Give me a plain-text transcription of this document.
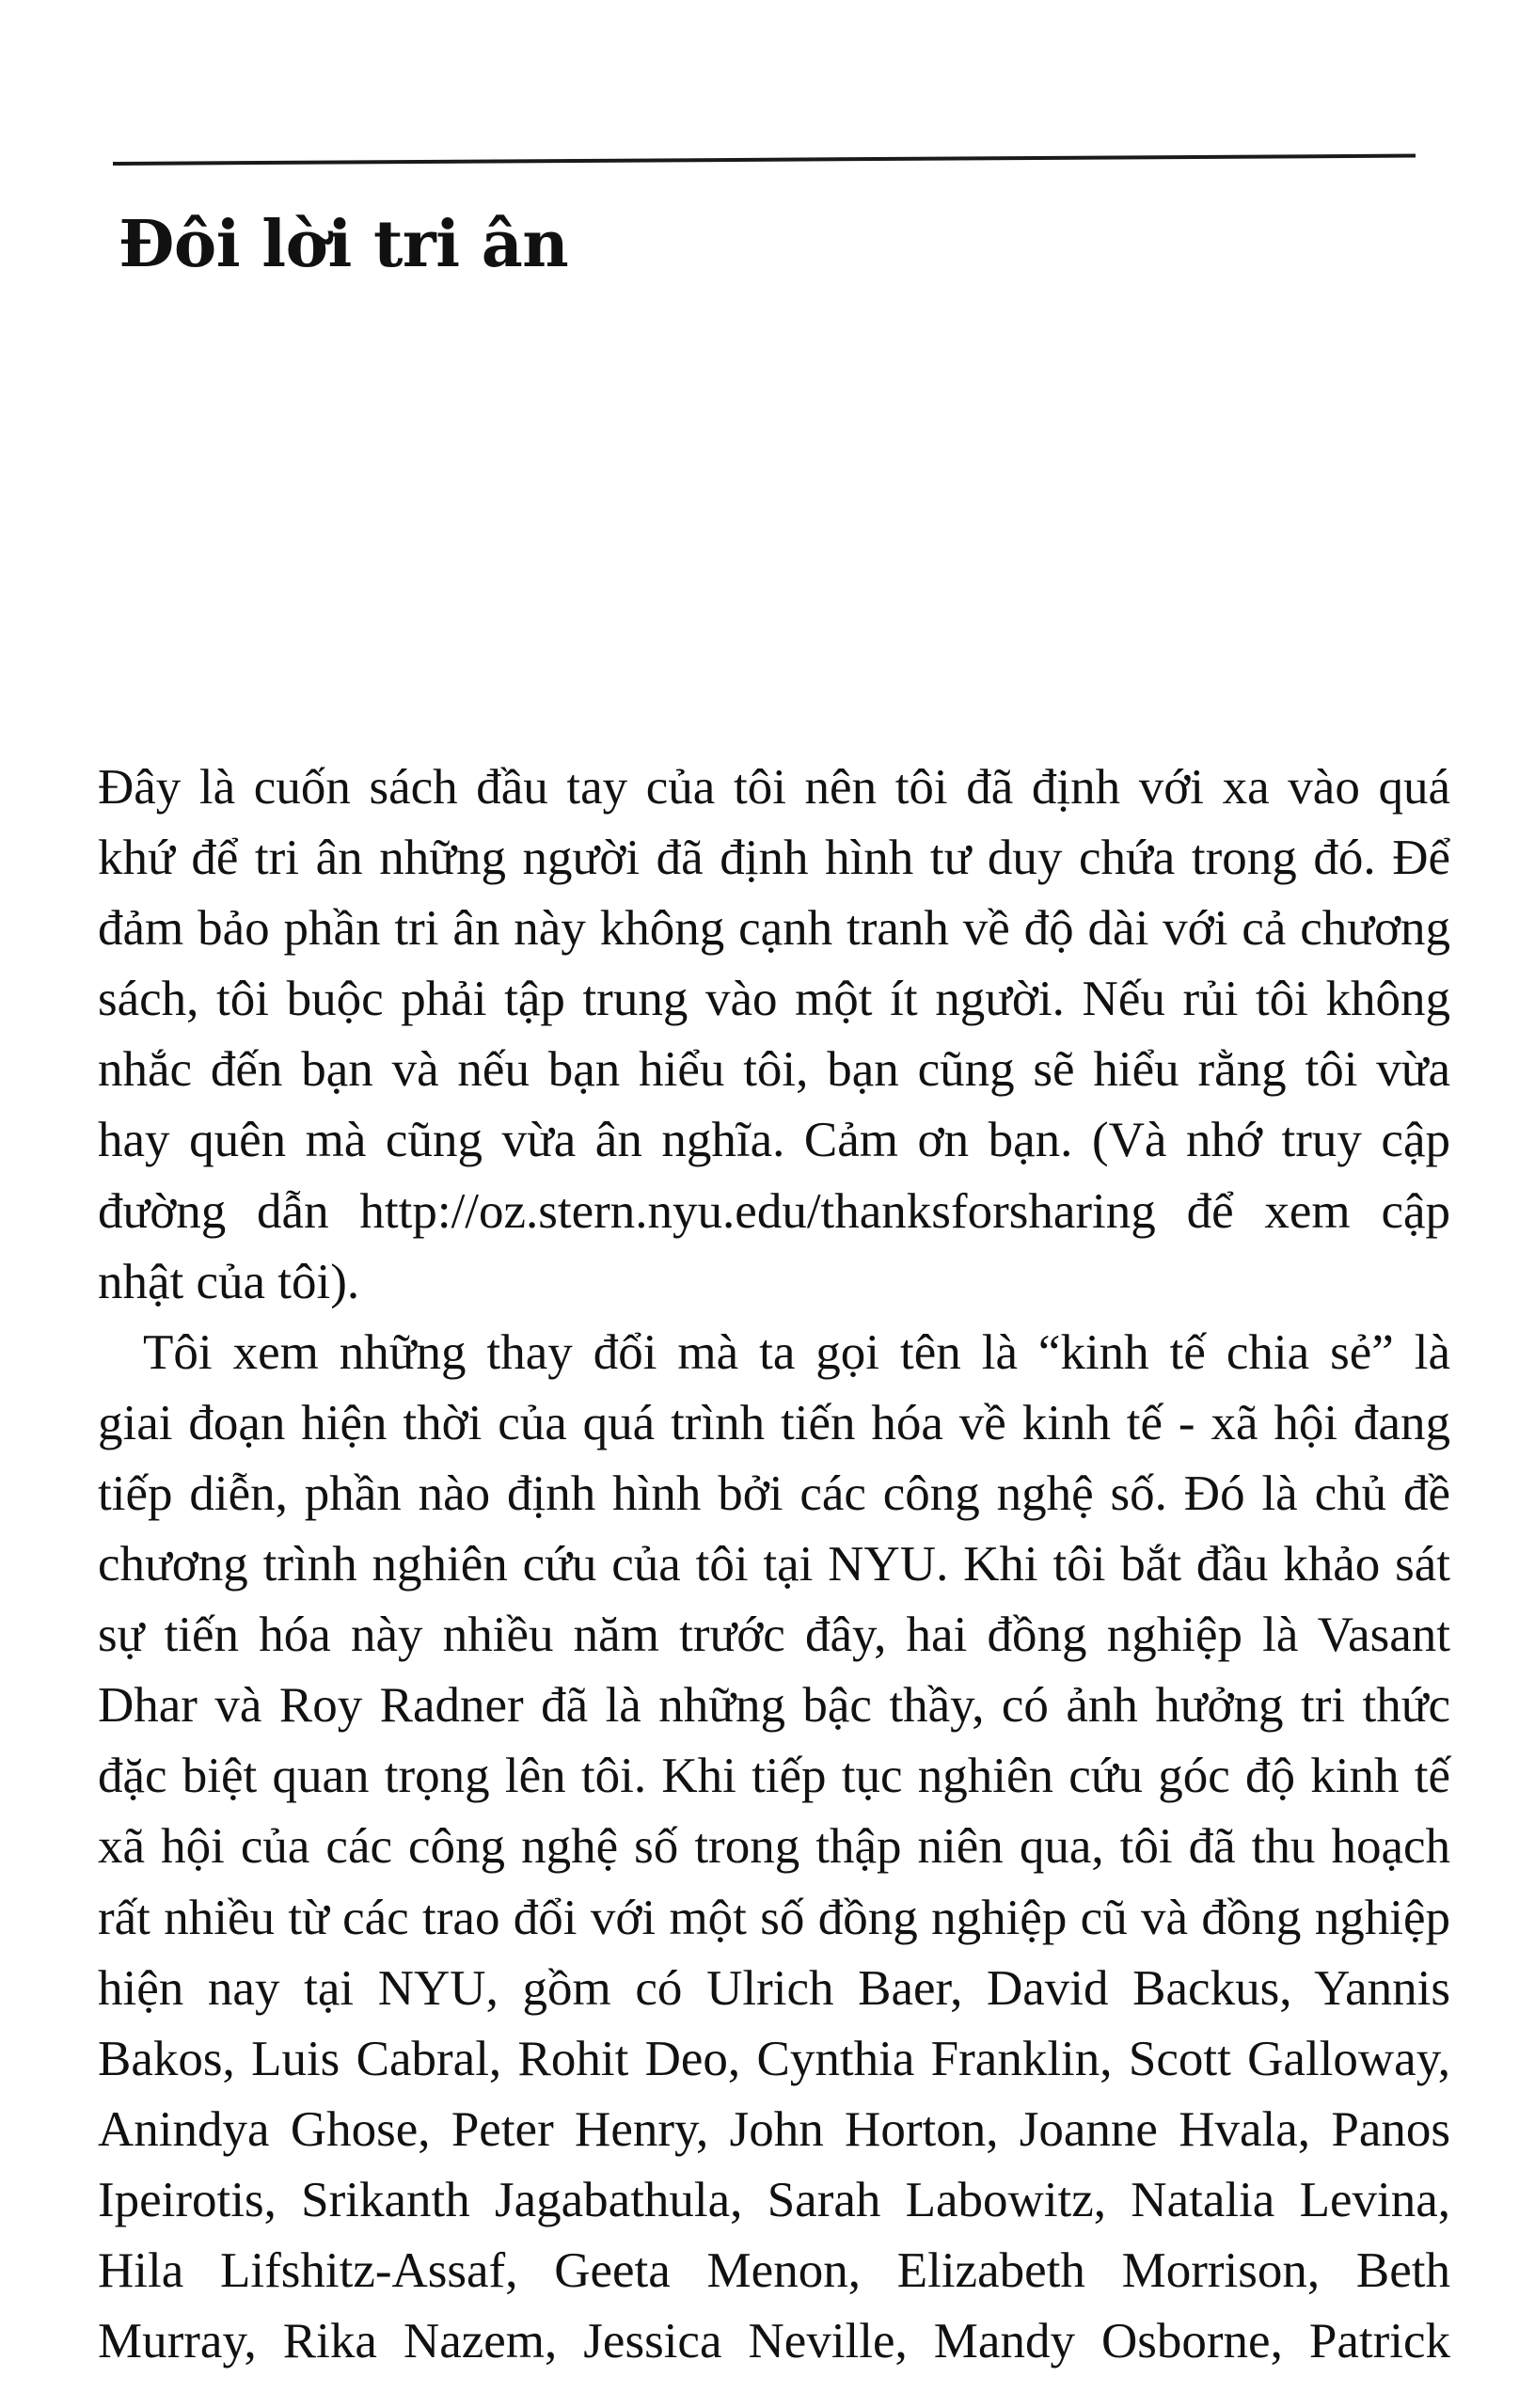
Đôi lời tri ân
Đây là cuốn sách đầu tay của tôi nên tôi đã định với xa vào quá
khứ để tri ân những người đã định hình tư duy chứa trong đó. Để
đảm bảo phần tri ân này không cạnh tranh về độ dài với cả chương
sách, tôi buộc phải tập trung vào một ít người. Nếu rủi tôi không
nhắc đến bạn và nếu bạn hiểu tôi, bạn cũng sẽ hiểu rằng tôi vừa
hay quên mà cũng vừa ân nghĩa. Cảm ơn bạn. (Và nhớ truy cập
đường dẫn http://oz.stern.nyu.edu/thanksforsharing để xem cập
nhật của tôi).
Tôi xem những thay đổi mà ta gọi tên là “kinh tế chia sẻ” là
giai đoạn hiện thời của quá trình tiến hóa về kinh tế - xã hội đang
tiếp diễn, phần nào định hình bởi các công nghệ số. Đó là chủ đề
chương trình nghiên cứu của tôi tại NYU. Khi tôi bắt đầu khảo sát
sự tiến hóa này nhiều năm trước đây, hai đồng nghiệp là Vasant
Dhar và Roy Radner đã là những bậc thầy, có ảnh hưởng tri thức
đặc biệt quan trọng lên tôi. Khi tiếp tục nghiên cứu góc độ kinh tế
xã hội của các công nghệ số trong thập niên qua, tôi đã thu hoạch
rất nhiều từ các trao đổi với một số đồng nghiệp cũ và đồng nghiệp
hiện nay tại NYU, gồm có Ulrich Baer, David Backus, Yannis
Bakos, Luis Cabral, Rohit Deo, Cynthia Franklin, Scott Galloway,
Anindya Ghose, Peter Henry, John Horton, Joanne Hvala, Panos
Ipeirotis, Srikanth Jagabathula, Sarah Labowitz, Natalia Levina,
Hila Lifshitz-Assaf, Geeta Menon, Elizabeth Morrison, Beth
Murray, Rika Nazem, Jessica Neville, Mandy Osborne, Patrick
